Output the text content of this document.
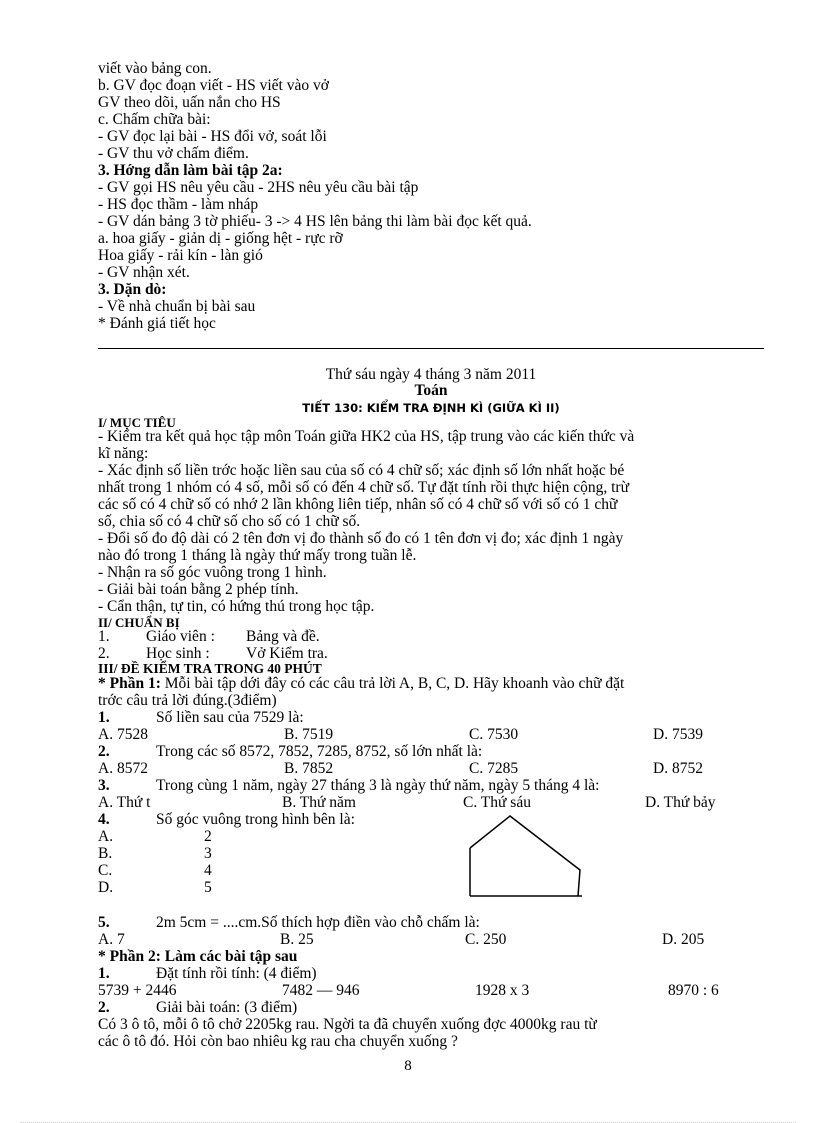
viết vào bảng con.
b. GV đọc đoạn viết - HS viết vào vở
GV theo dõi, uấn nắn cho HS
c. Chấm chữa bài:
- GV đọc lại bài - HS đổi vở, soát lỗi
- GV thu vở chấm điểm.
3. Hớng dẫn làm bài tập 2a:
- GV gọi HS nêu yêu cầu - 2HS nêu yêu cầu bài tập
- HS đọc thầm - làm nháp
- GV dán bảng 3 tờ phiếu- 3 -> 4 HS lên bảng thi làm bài đọc kết quả.
a. hoa giấy - giản dị - giống hệt - rực rỡ
Hoa giấy - rải kín - làn gió
- GV nhận xét.
3. Dặn dò:
- Về nhà chuẩn bị bài sau
* Đánh giá tiết học
Thứ sáu ngày 4 tháng 3 năm 2011
Toán
TIẾT 130: KIỂM TRA ĐỊNH KÌ (GIỮA KÌ II)
I/ MỤC TIÊU
- Kiểm tra kết quả học tập môn Toán giữa HK2 của HS, tập trung vào các kiến thức và
kĩ năng:
- Xác định số liền trớc hoặc liền sau của số có 4 chữ số; xác định số lớn nhất hoặc bé
nhất trong 1 nhóm có 4 số, mỗi số có đến 4 chữ số. Tự đặt tính rồi thực hiện cộng, trừ
các số có 4 chữ số có nhớ 2 lần không liên tiếp, nhân số có 4 chữ số với số có 1 chữ
số, chia số có 4 chữ số cho số có 1 chữ số.
- Đổi số đo độ dài có 2 tên đơn vị đo thành số đo có 1 tên đơn vị đo; xác định 1 ngày
nào đó trong 1 tháng là ngày thứ mấy trong tuần lễ.
- Nhận ra số góc vuông trong 1 hình.
- Giải bài toán bằng 2 phép tính.
- Cẩn thận, tự tin, có hứng thú trong học tập.
II/ CHUẨN BỊ
1. Giáo viên : Bảng và đề.
2. Học sinh : Vở Kiểm tra.
III/ ĐỀ KIỂM TRA TRONG 40 PHÚT
* Phần 1: Mỗi bài tập dới đây có các câu trả lời A, B, C, D. Hãy khoanh vào chữ đặt
trớc câu trả lời đúng.(3điểm)
1.	Số liền sau của 7529 là:
A. 7528	B. 7519	C. 7530	D. 7539
2.	Trong các số 8572, 7852, 7285, 8752, số lớn nhất là:
A. 8572	B. 7852	C. 7285	D. 8752
3.	Trong cùng 1 năm, ngày 27 tháng 3 là ngày thứ năm, ngày 5 tháng 4 là:
A. Thứ t	B. Thứ năm	C. Thứ sáu	D. Thứ bảy
4.	Số góc vuông trong hình bên là:
A.	2
B.	3
C.	4
D.	5
5.	2m 5cm = ....cm.Số thích hợp điền vào chỗ chấm là:
A. 7	B. 25	C. 250	D. 205
* Phần 2: Làm các bài tập sau
1.	Đặt tính rồi tính: (4 điểm)
5739 + 2446	7482 — 946	1928 x 3	8970 : 6
2.	Giải bài toán: (3 điểm)
Có 3 ô tô, mỗi ô tô chở 2205kg rau. Ngời ta đã chuyển xuống đợc 4000kg rau từ
các ô tô đó. Hỏi còn bao nhiêu kg rau cha chuyển xuống ?
8
